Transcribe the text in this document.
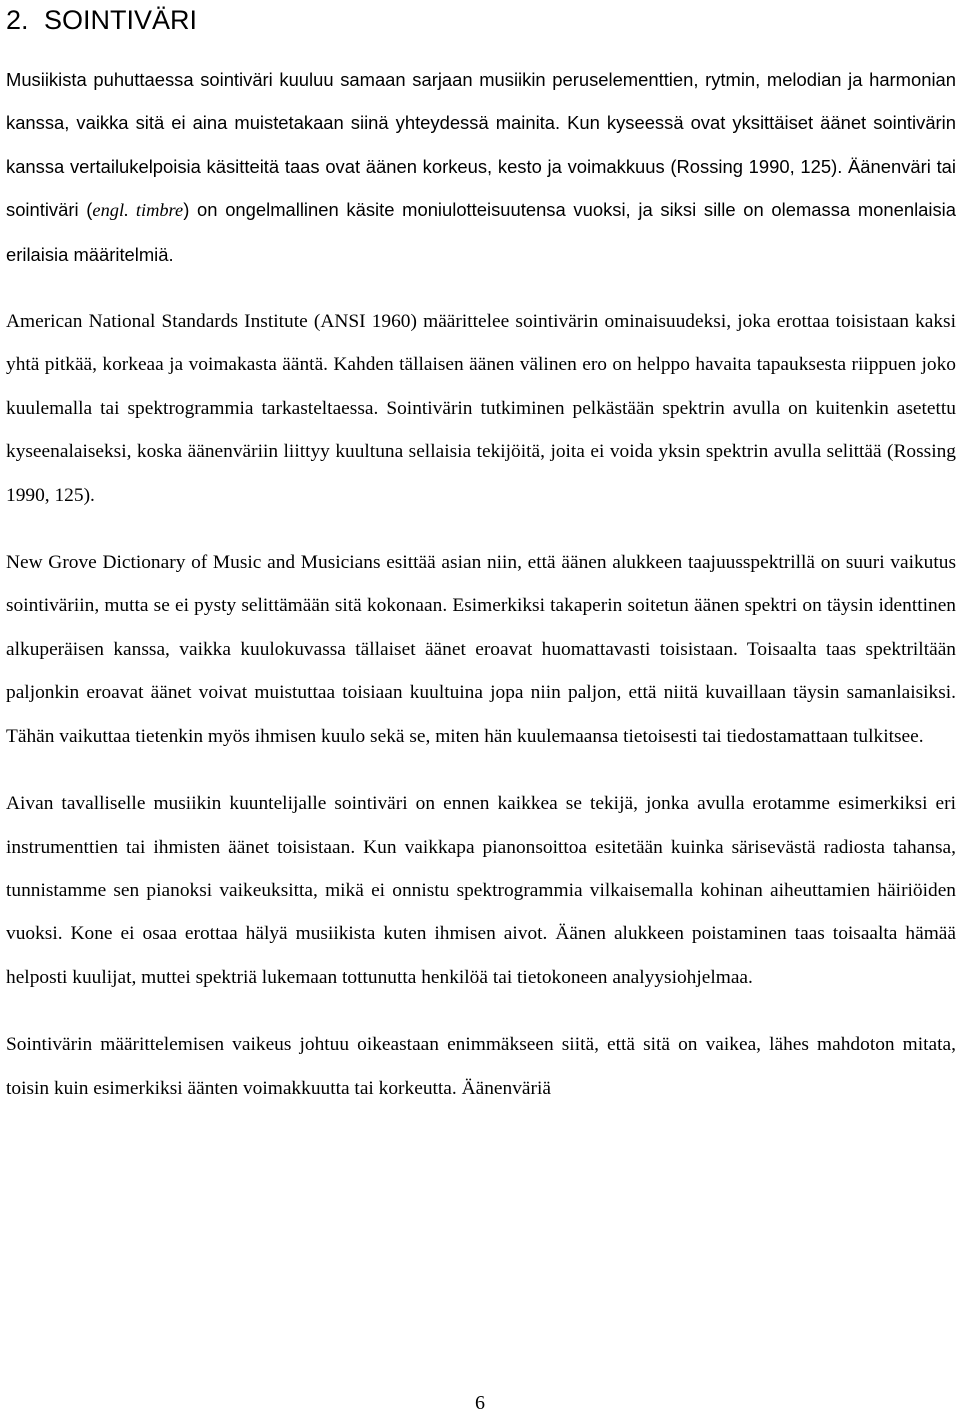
2. SOINTIVÄRI

Musiikista puhuttaessa sointiväri kuuluu samaan sarjaan musiikin peruselementtien, rytmin, melodian ja harmonian kanssa, vaikka sitä ei aina muistetakaan siinä yhteydessä mainita. Kun kyseessä ovat yksittäiset äänet sointivärin kanssa vertailukelpoisia käsitteitä taas ovat äänen korkeus, kesto ja voimakkuus (Rossing 1990, 125). Äänenväri tai sointiväri (engl. timbre) on ongelmallinen käsite moniulotteisuutensa vuoksi, ja siksi sille on olemassa monenlaisia erilaisia määritelmiä.

American National Standards Institute (ANSI 1960) määrittelee sointivärin ominaisuudeksi, joka erottaa toisistaan kaksi yhtä pitkää, korkeaa ja voimakasta ääntä. Kahden tällaisen äänen välinen ero on helppo havaita tapauksesta riippuen joko kuulemalla tai spektrogrammia tarkasteltaessa. Sointivärin tutkiminen pelkästään spektrin avulla on kuitenkin asetettu kyseenalaiseksi, koska äänenväriin liittyy kuultuna sellaisia tekijöitä, joita ei voida yksin spektrin avulla selittää (Rossing 1990, 125).

New Grove Dictionary of Music and Musicians esittää asian niin, että äänen alukkeen taajuusspektrillä on suuri vaikutus sointiväriin, mutta se ei pysty selittämään sitä kokonaan. Esimerkiksi takaperin soitetun äänen spektri on täysin identtinen alkuperäisen kanssa, vaikka kuulokuvassa tällaiset äänet eroavat huomattavasti toisistaan. Toisaalta taas spektriltään paljonkin eroavat äänet voivat muistuttaa toisiaan kuultuina jopa niin paljon, että niitä kuvaillaan täysin samanlaisiksi. Tähän vaikuttaa tietenkin myös ihmisen kuulo sekä se, miten hän kuulemaansa tietoisesti tai tiedostamattaan tulkitsee.

Aivan tavalliselle musiikin kuuntelijalle sointiväri on ennen kaikkea se tekijä, jonka avulla erotamme esimerkiksi eri instrumenttien tai ihmisten äänet toisistaan. Kun vaikkapa pianonsoittoa esitetään kuinka särisevästä radiosta tahansa, tunnistamme sen pianoksi vaikeuksitta, mikä ei onnistu spektrogrammia vilkaisemalla kohinan aiheuttamien häiriöiden vuoksi. Kone ei osaa erottaa hälyä musiikista kuten ihmisen aivot. Äänen alukkeen poistaminen taas toisaalta hämää helposti kuulijat, muttei spektriä lukemaan tottunutta henkilöä tai tietokoneen analyysiohjelmaa.

Sointivärin määrittelemisen vaikeus johtuu oikeastaan enimmäkseen siitä, että sitä on vaikea, lähes mahdoton mitata, toisin kuin esimerkiksi äänten voimakkuutta tai korkeutta. Äänenväriä

6
